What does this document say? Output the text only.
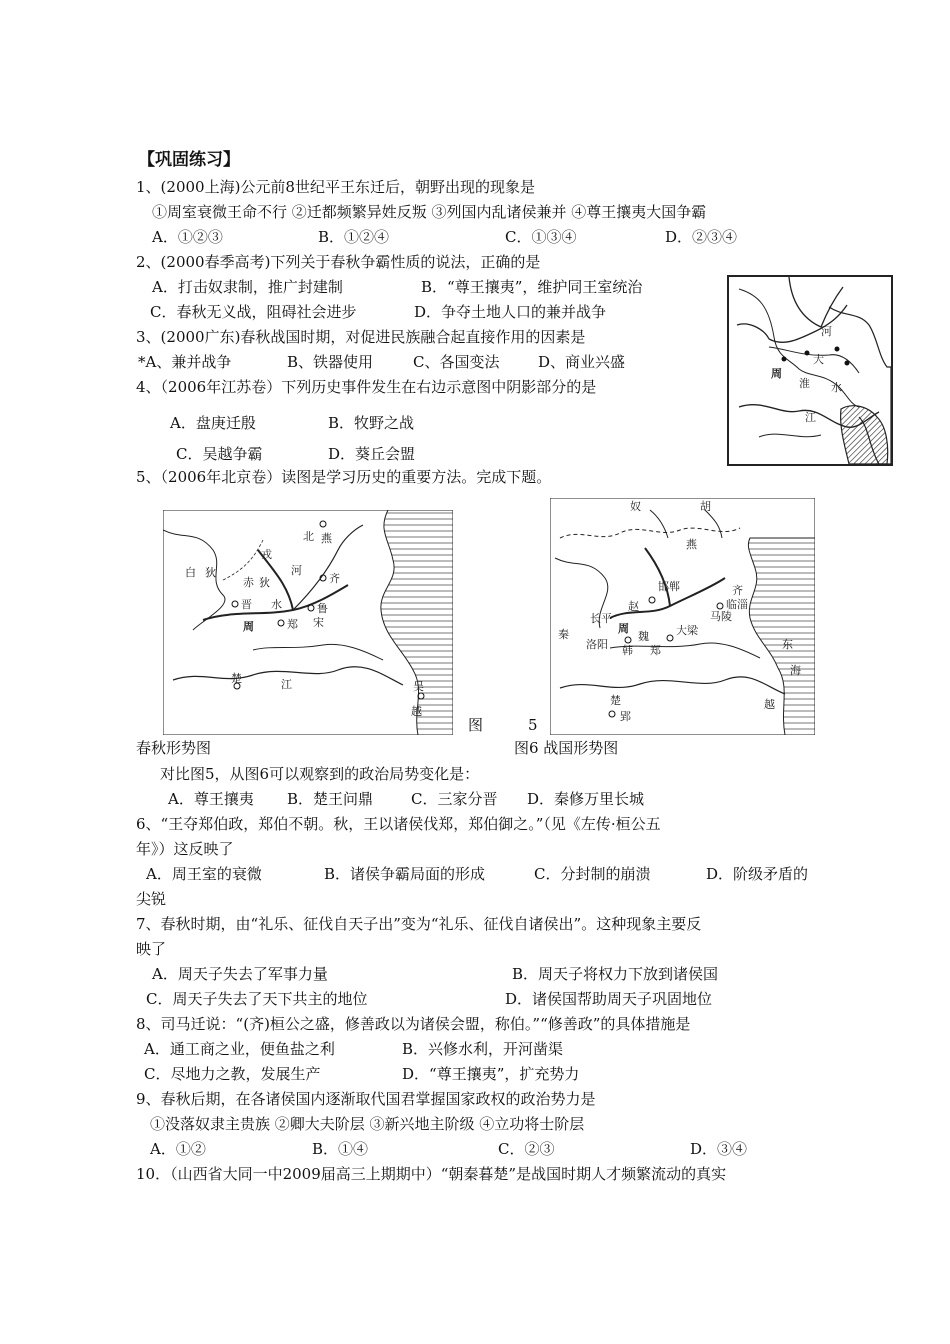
【巩固练习】
1、(2000上海)公元前8世纪平王东迁后，朝野出现的现象是
①周室衰微王命不行 ②迁都频繁异姓反叛 ③列国内乱诸侯兼并 ④尊王攘夷大国争霸
A．①②③	B．①②④	C．①③④	D．②③④
2、(2000春季高考)下列关于春秋争霸性质的说法，正确的是
A．打击奴隶制，推广封建制	B．“尊王攘夷”，维护同王室统治
C．春秋无义战，阻碍社会进步	D．争夺土地人口的兼并战争
3、(2000广东)春秋战国时期，对促进民族融合起直接作用的因素是
*A、兼并战争	B、铁器使用	C、各国变法	D、商业兴盛
4、（2006年江苏卷）下列历史事件发生在右边示意图中阴影部分的是
A．盘庚迁殷	B．牧野之战
C．吴越争霸	D．葵丘会盟
河
大
周
淮 水
江
5、（2006年北京卷）读图是学习历史的重要方法。完成下题。
北 燕
戎
白 狄
赤 狄
河
齐
晋 水	鲁
周	郑 宋
楚	江	吴
越
图	5
奴	胡
燕
赵
魏
齐
秦	周
韩
楚	越
东
海
长平
邯郸
马陵
大梁
临淄
洛阳	郑
郢
春秋形势图	图6 战国形势图
对比图5，从图6可以观察到的政治局势变化是：
A．尊王攘夷 B．楚王问鼎	C．三家分晋 D．秦修万里长城
6、“王夺郑伯政，郑伯不朝。秋，王以诸侯伐郑，郑伯御之。”（见《左传·桓公五
年》）这反映了
A．周王室的衰微	B．诸侯争霸局面的形成	C．分封制的崩溃	D．阶级矛盾的
尖锐
7、春秋时期，由“礼乐、征伐自天子出”变为“礼乐、征伐自诸侯出”。这种现象主要反
映了
A．周天子失去了军事力量	B．周天子将权力下放到诸侯国
C．周天子失去了天下共主的地位	D．诸侯国帮助周天子巩固地位
8、司马迁说：“(齐)桓公之盛，修善政以为诸侯会盟，称伯。”“修善政”的具体措施是
A．通工商之业，便鱼盐之利	B．兴修水利，开河凿渠
C．尽地力之教，发展生产	D．“尊王攘夷”，扩充势力
9、春秋后期，在各诸侯国内逐渐取代国君掌握国家政权的政治势力是
①没落奴隶主贵族 ②卿大夫阶层 ③新兴地主阶级 ④立功将士阶层
A．①②	B．①④	C．②③	D．③④
10．（山西省大同一中2009届高三上期期中）“朝秦暮楚”是战国时期人才频繁流动的真实
